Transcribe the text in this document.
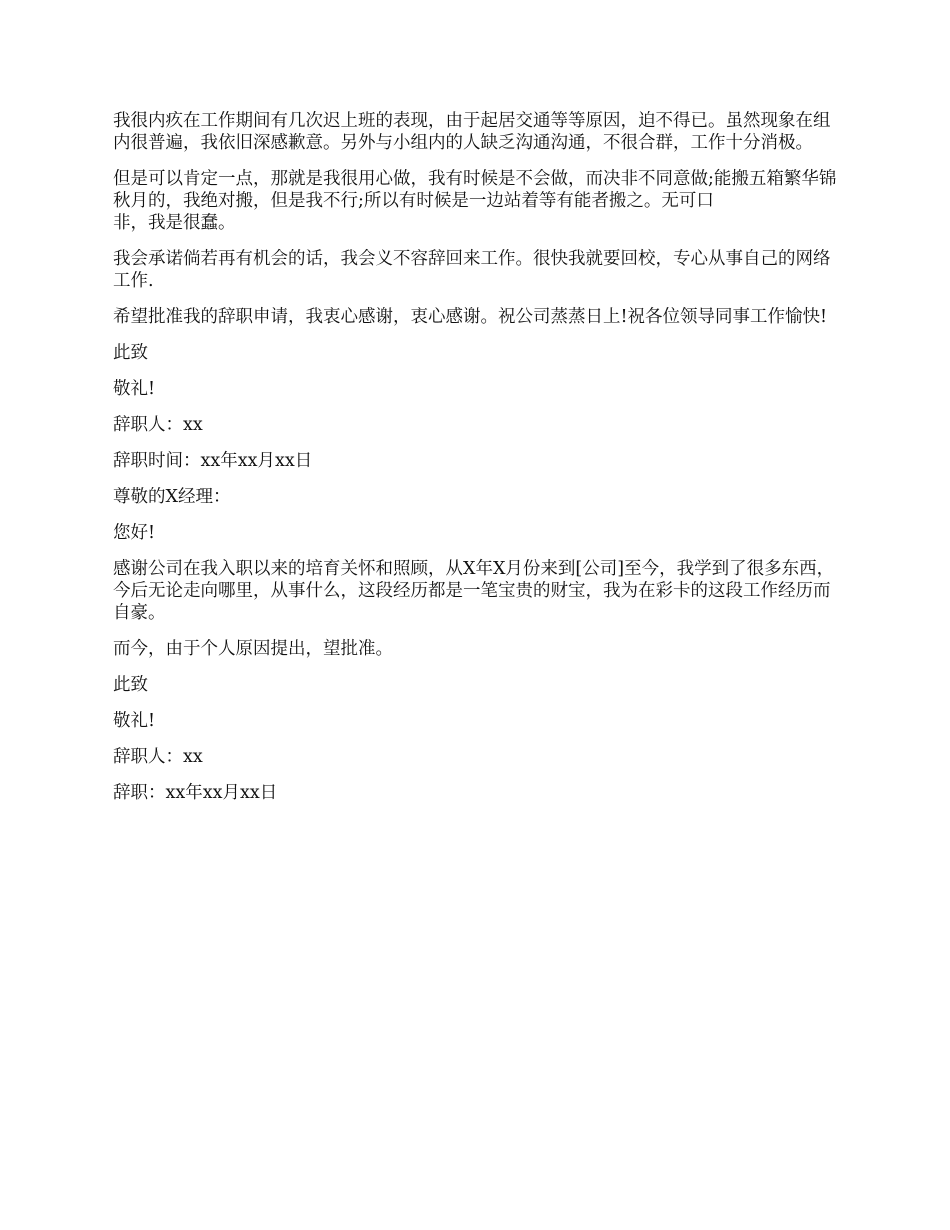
我很内疚在工作期间有几次迟上班的表现，由于起居交通等等原因，迫不得已。虽然现象在组内很普遍，我依旧深感歉意。另外与小组内的人缺乏沟通沟通，不很合群，工作十分消极。

但是可以肯定一点，那就是我很用心做，我有时候是不会做，而决非不同意做;能搬五箱繁华锦秋月的，我绝对搬，但是我不行;所以有时候是一边站着等有能者搬之。无可口
非，我是很蠢。

我会承诺倘若再有机会的话，我会义不容辞回来工作。很快我就要回校，专心从事自己的网络工作.

希望批准我的辞职申请，我衷心感谢，衷心感谢。祝公司蒸蒸日上!祝各位领导同事工作愉快!

此致

敬礼!

辞职人：xx

辞职时间：xx年xx月xx日

尊敬的X经理：

您好!

感谢公司在我入职以来的培育关怀和照顾，从X年X月份来到[公司]至今，我学到了很多东西，今后无论走向哪里，从事什么，这段经历都是一笔宝贵的财宝，我为在彩卡的这段工作经历而自豪。

而今，由于个人原因提出，望批准。

此致

敬礼!

辞职人：xx

辞职：xx年xx月xx日
